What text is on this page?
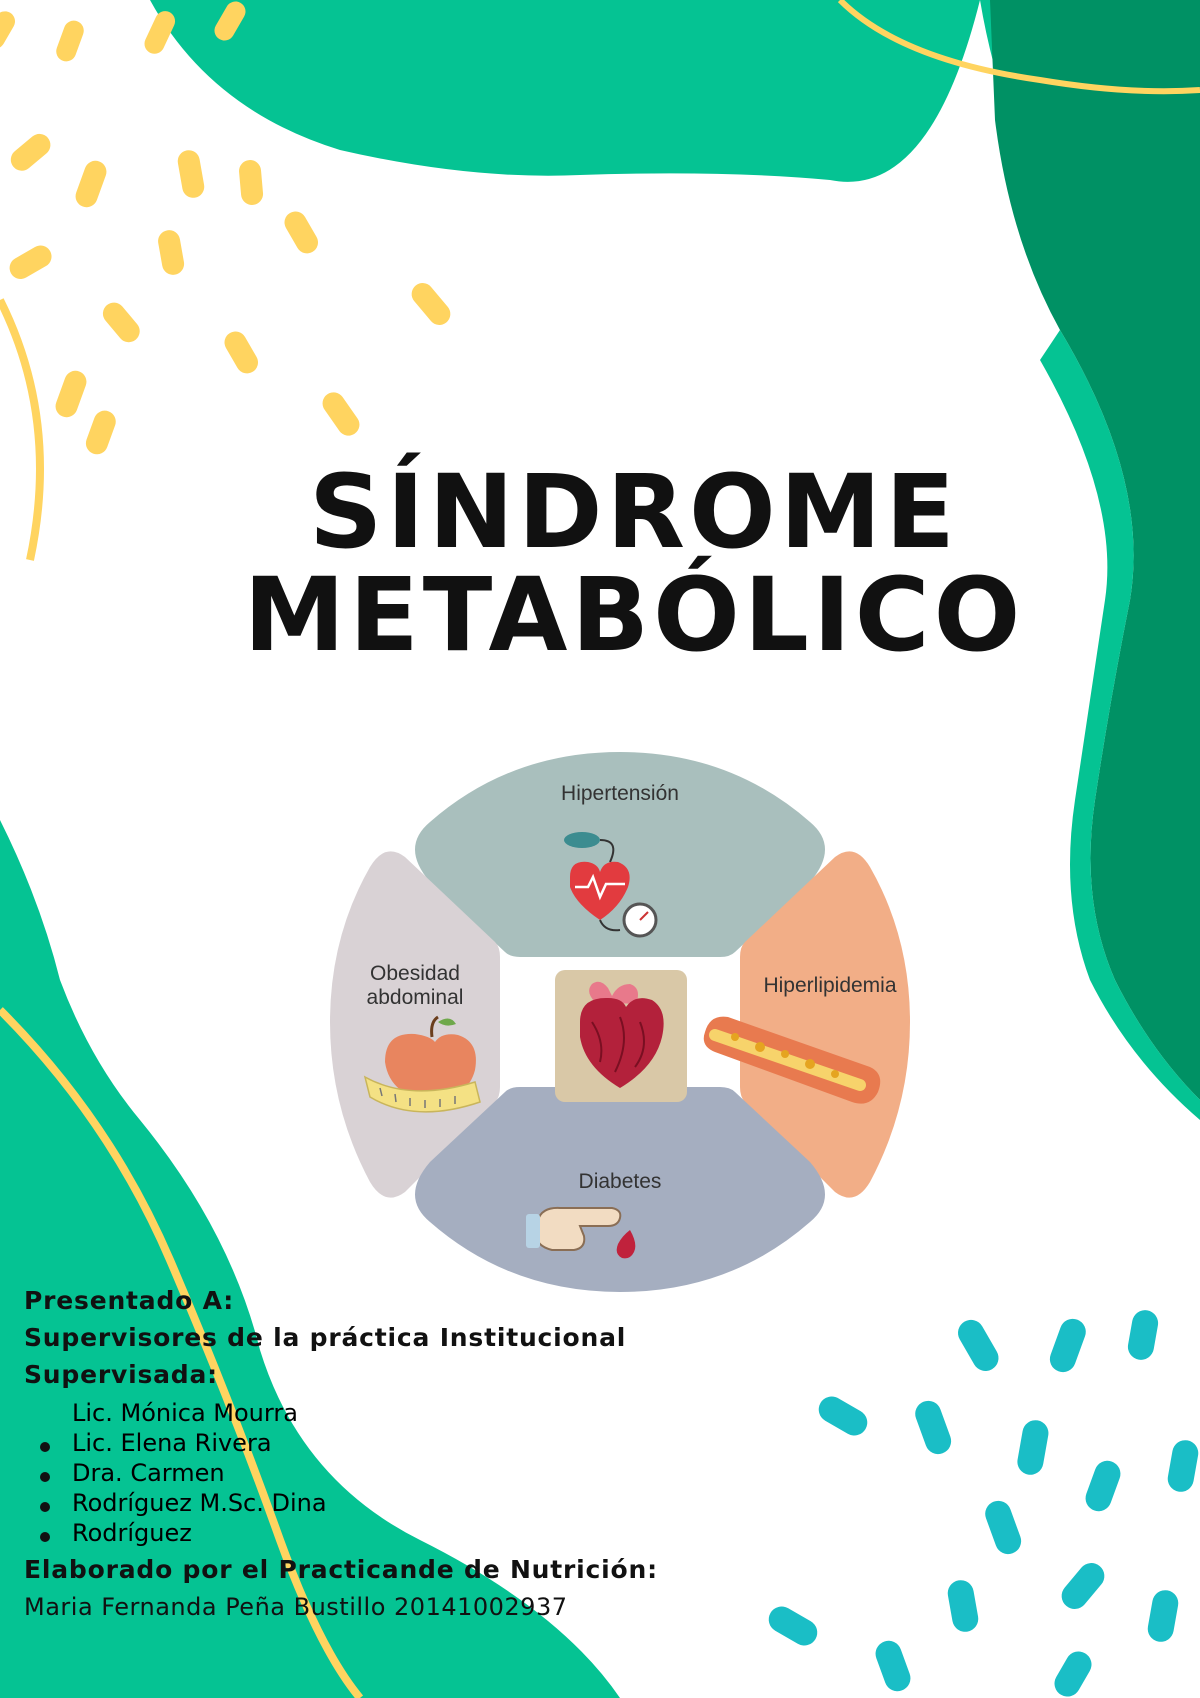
SÍNDROME
METABÓLICO
Hipertensión
Obesidad
abdominal
Hiperlipidemia
Diabetes
Presentado A:
Supervisores de la práctica Institucional
Supervisada:
Lic. Mónica Mourra
Lic. Elena Rivera
Dra. Carmen
Rodríguez M.Sc. Dina
Rodríguez
Elaborado por el Practicande de Nutrición:
Maria Fernanda Peña Bustillo 20141002937
